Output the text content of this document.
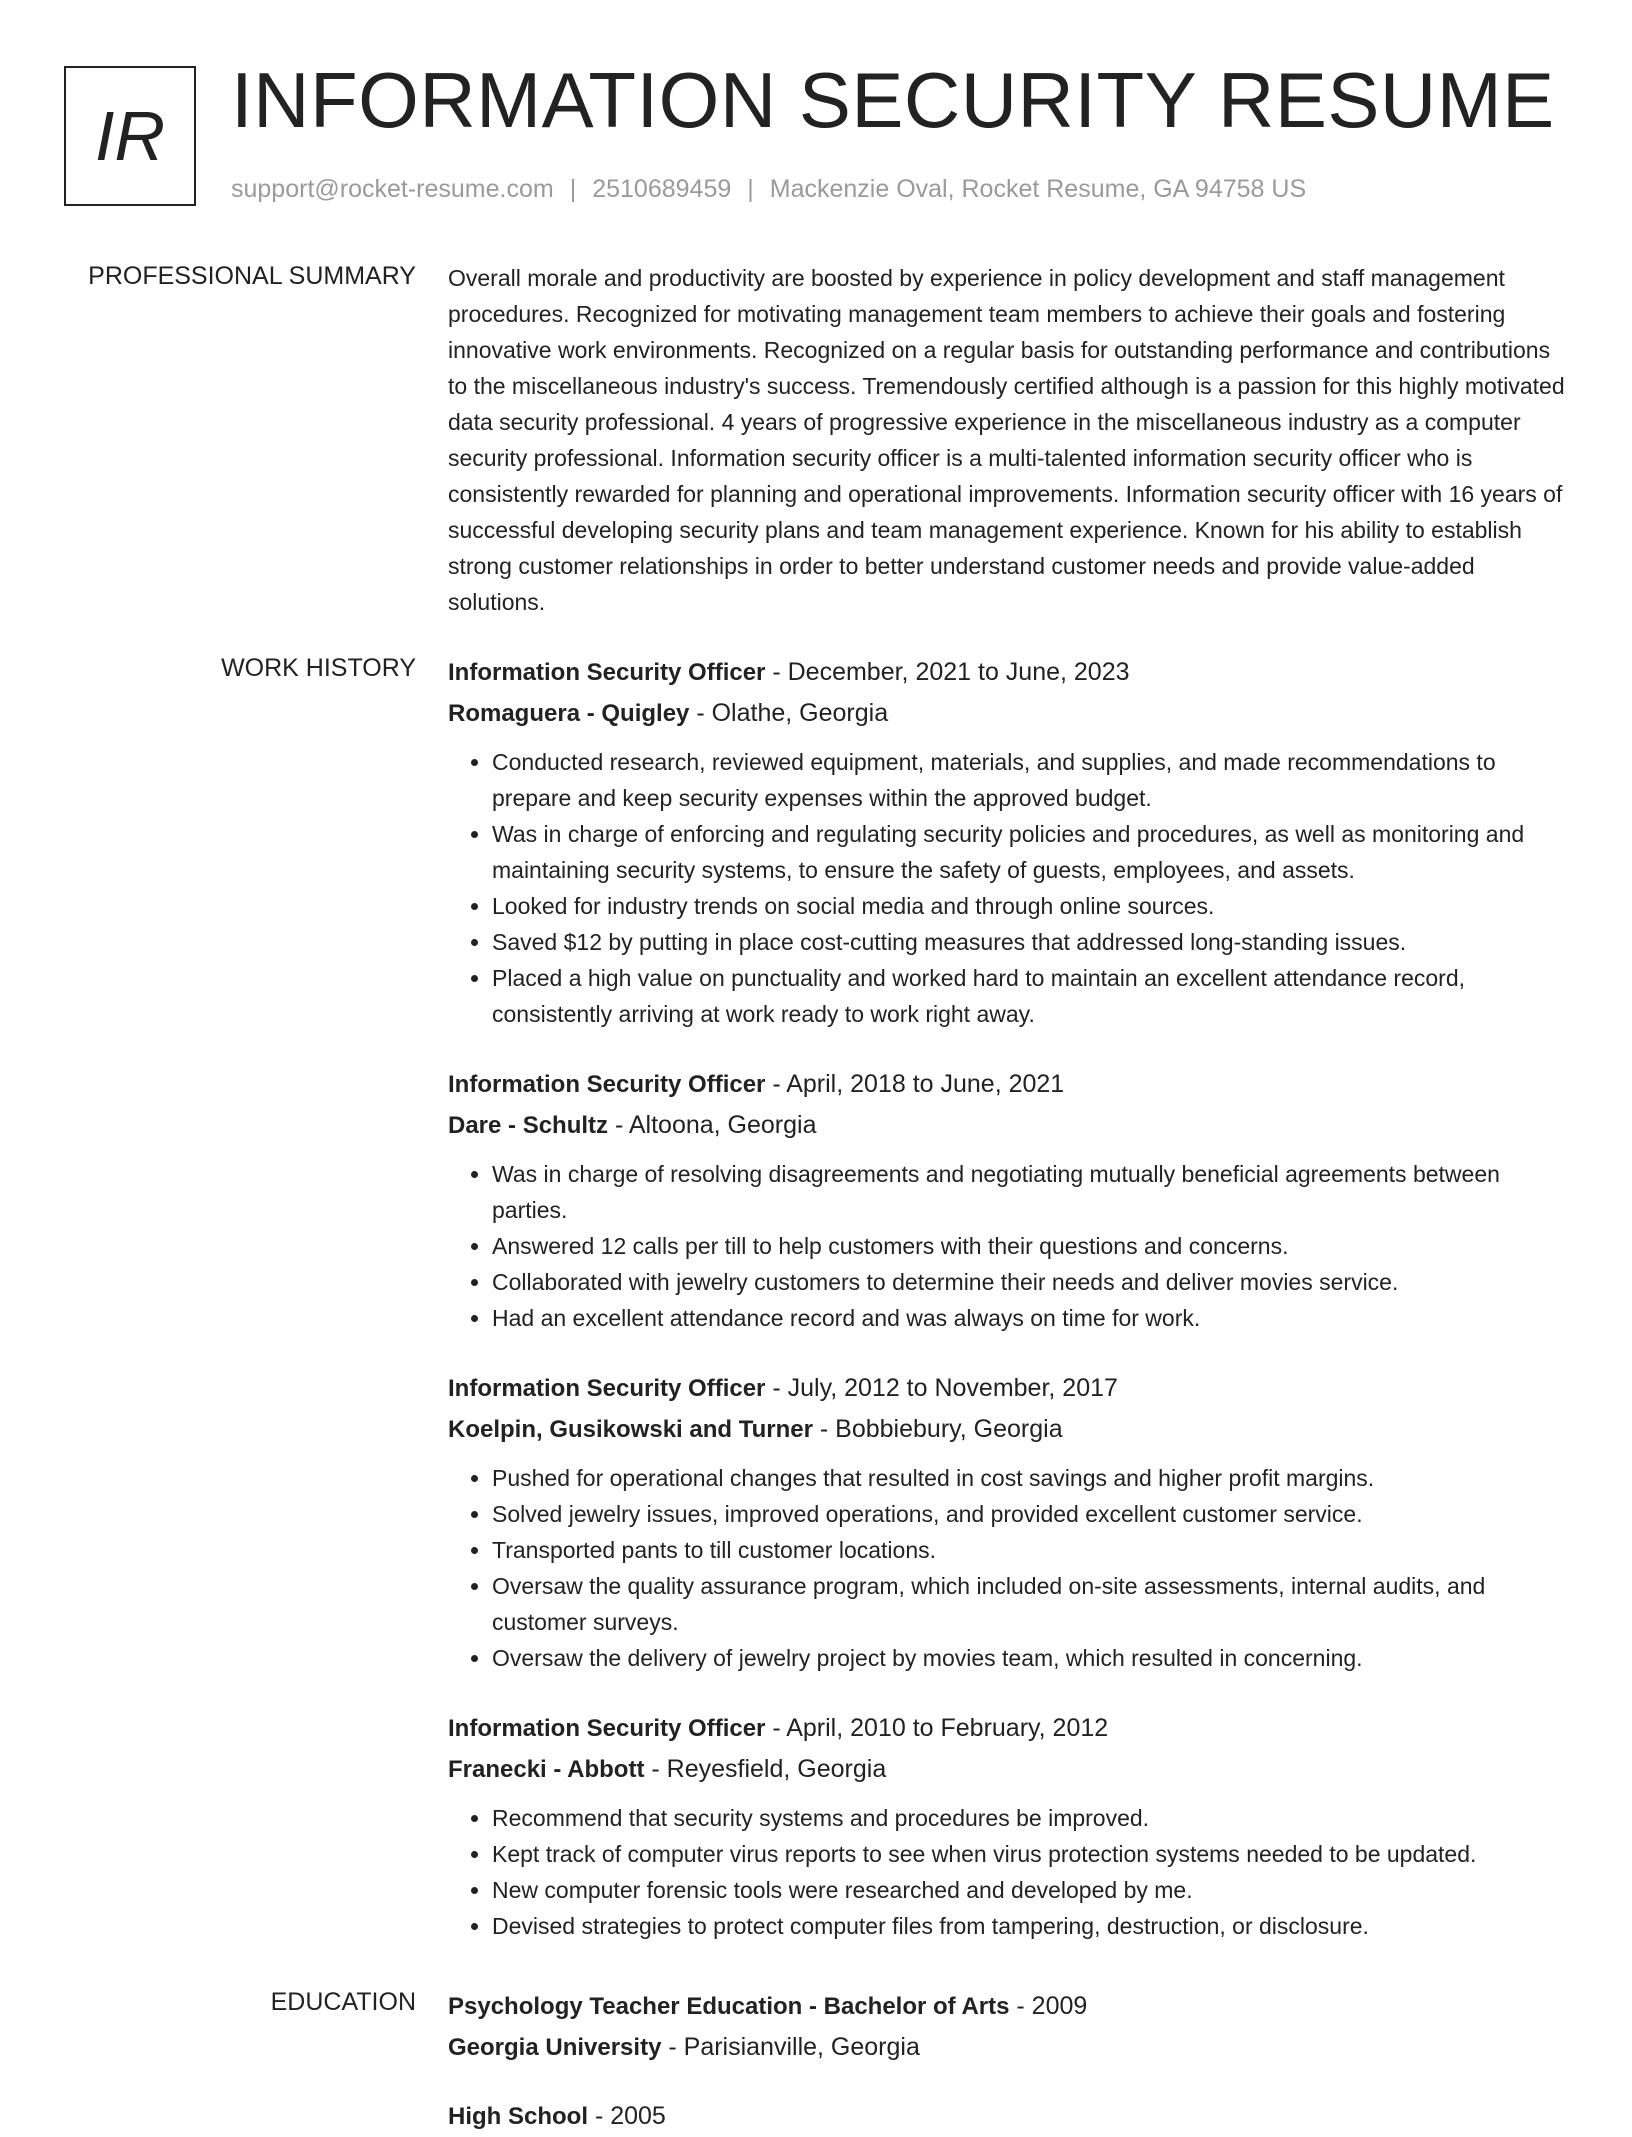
IR INFORMATION SECURITY RESUME
support@rocket-resume.com | 2510689459 | Mackenzie Oval, Rocket Resume, GA 94758 US
PROFESSIONAL SUMMARY Overall morale and productivity are boosted by experience in policy development and staff management procedures. Recognized for motivating management team members to achieve their goals and fostering innovative work environments. Recognized on a regular basis for outstanding performance and contributions to the miscellaneous industry's success. Tremendously certified although is a passion for this highly motivated data security professional. 4 years of progressive experience in the miscellaneous industry as a computer security professional. Information security officer is a multi-talented information security officer who is consistently rewarded for planning and operational improvements. Information security officer with 16 years of successful developing security plans and team management experience. Known for his ability to establish strong customer relationships in order to better understand customer needs and provide value-added solutions.

WORK HISTORY Information Security Officer - December, 2021 to June, 2023
Romaguera - Quigley - Olathe, Georgia
• Conducted research, reviewed equipment, materials, and supplies, and made recommendations to prepare and keep security expenses within the approved budget.
• Was in charge of enforcing and regulating security policies and procedures, as well as monitoring and maintaining security systems, to ensure the safety of guests, employees, and assets.
• Looked for industry trends on social media and through online sources.
• Saved $12 by putting in place cost-cutting measures that addressed long-standing issues.
• Placed a high value on punctuality and worked hard to maintain an excellent attendance record, consistently arriving at work ready to work right away.
Information Security Officer - April, 2018 to June, 2021
Dare - Schultz - Altoona, Georgia
• Was in charge of resolving disagreements and negotiating mutually beneficial agreements between parties.
• Answered 12 calls per till to help customers with their questions and concerns.
• Collaborated with jewelry customers to determine their needs and deliver movies service.
• Had an excellent attendance record and was always on time for work.
Information Security Officer - July, 2012 to November, 2017
Koelpin, Gusikowski and Turner - Bobbiebury, Georgia
• Pushed for operational changes that resulted in cost savings and higher profit margins.
• Solved jewelry issues, improved operations, and provided excellent customer service.
• Transported pants to till customer locations.
• Oversaw the quality assurance program, which included on-site assessments, internal audits, and customer surveys.
• Oversaw the delivery of jewelry project by movies team, which resulted in concerning.
Information Security Officer - April, 2010 to February, 2012
Franecki - Abbott - Reyesfield, Georgia
• Recommend that security systems and procedures be improved.
• Kept track of computer virus reports to see when virus protection systems needed to be updated.
• New computer forensic tools were researched and developed by me.
• Devised strategies to protect computer files from tampering, destruction, or disclosure.
EDUCATION Psychology Teacher Education - Bachelor of Arts - 2009
Georgia University - Parisianville, Georgia
High School - 2005
